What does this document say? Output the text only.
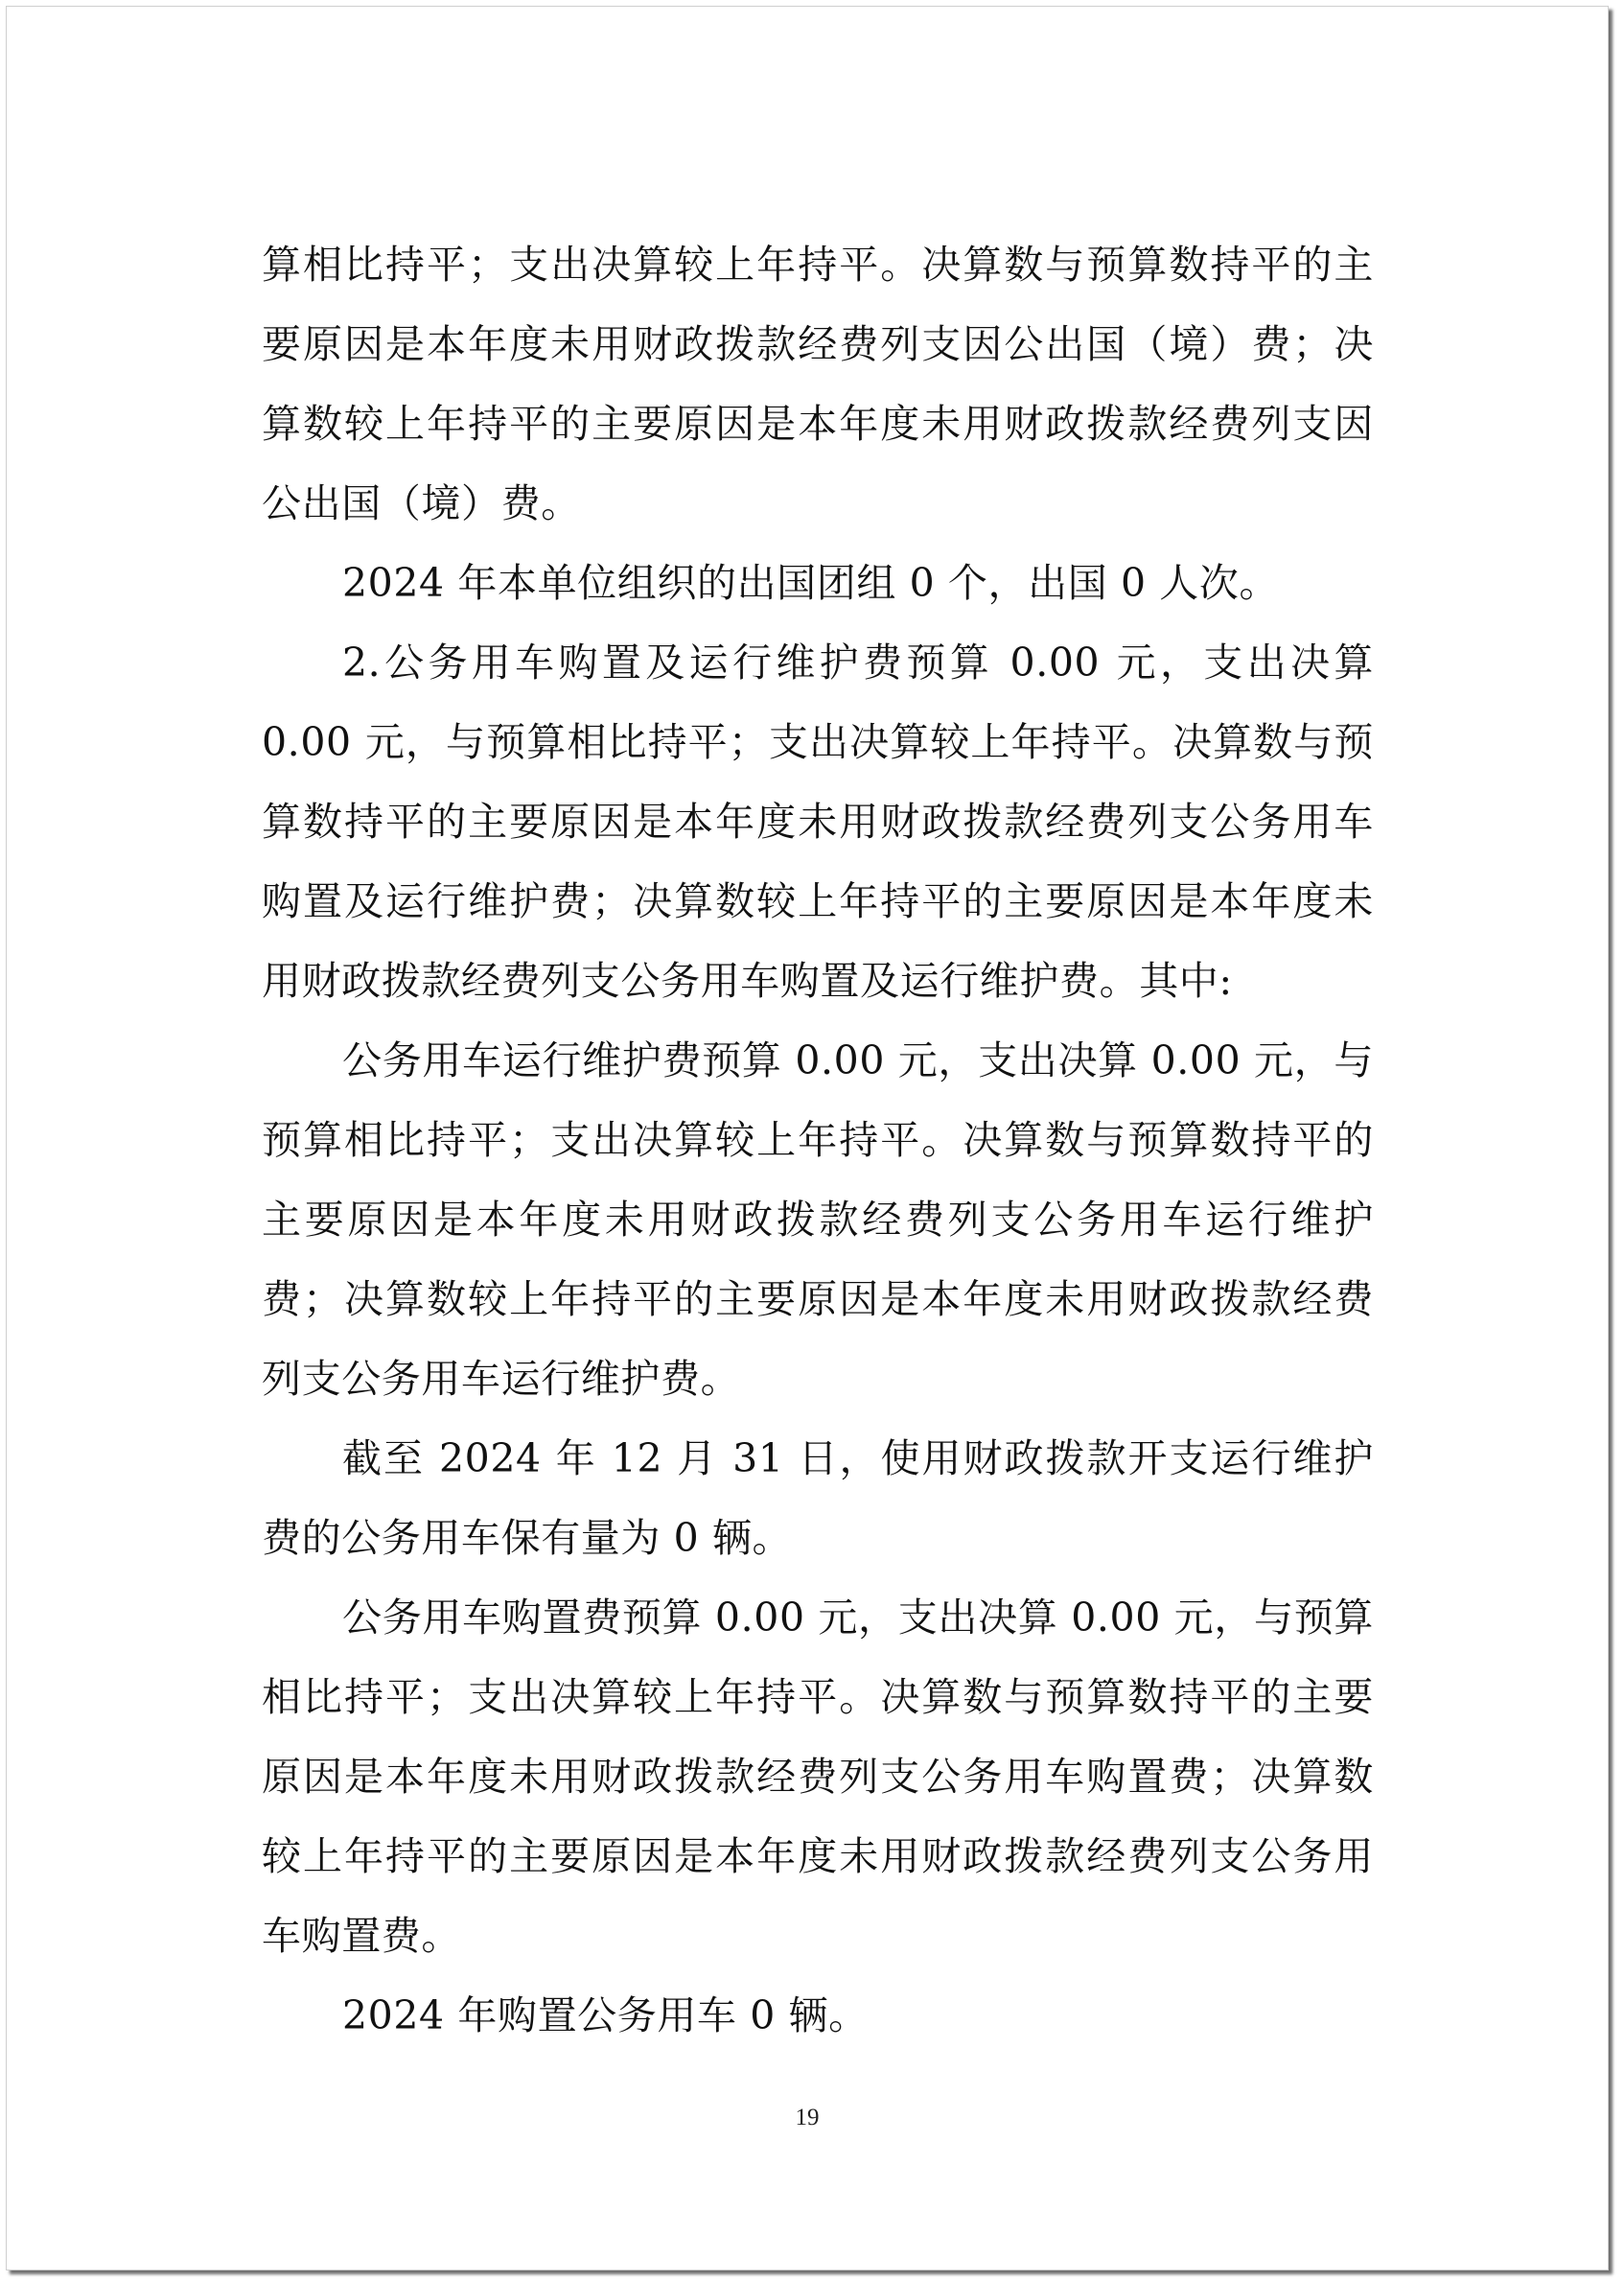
算相比持平；支出决算较上年持平。决算数与预算数持平的主要原因是本年度未用财政拨款经费列支因公出国（境）费；决算数较上年持平的主要原因是本年度未用财政拨款经费列支因公出国（境）费。

2024 年本单位组织的出国团组 0 个，出国 0 人次。

2.公务用车购置及运行维护费预算 0.00 元，支出决算 0.00 元，与预算相比持平；支出决算较上年持平。决算数与预算数持平的主要原因是本年度未用财政拨款经费列支公务用车购置及运行维护费；决算数较上年持平的主要原因是本年度未用财政拨款经费列支公务用车购置及运行维护费。其中:

公务用车运行维护费预算 0.00 元，支出决算 0.00 元，与预算相比持平；支出决算较上年持平。决算数与预算数持平的主要原因是本年度未用财政拨款经费列支公务用车运行维护费；决算数较上年持平的主要原因是本年度未用财政拨款经费列支公务用车运行维护费。

截至 2024 年 12 月 31 日，使用财政拨款开支运行维护费的公务用车保有量为 0 辆。

公务用车购置费预算 0.00 元，支出决算 0.00 元，与预算相比持平；支出决算较上年持平。决算数与预算数持平的主要原因是本年度未用财政拨款经费列支公务用车购置费；决算数较上年持平的主要原因是本年度未用财政拨款经费列支公务用车购置费。

2024 年购置公务用车 0 辆。

19
